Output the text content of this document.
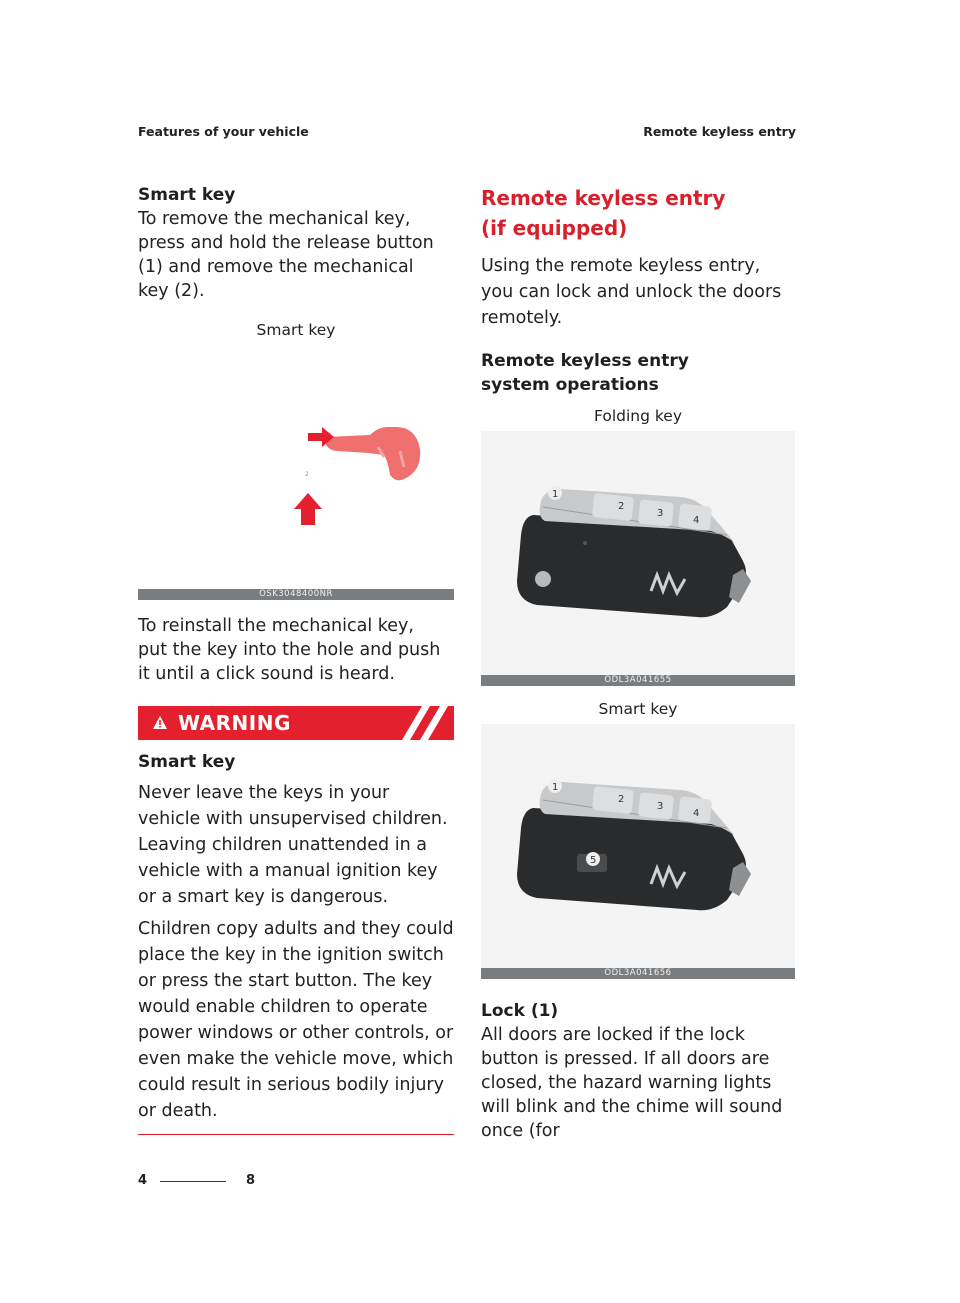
Features of your vehicle	Remote keyless entry

Smart key

To remove the mechanical key, press and hold the release button (1) and remove the mechanical key (2).

Smart key
2
OSK3048400NR

To reinstall the mechanical key, put the key into the hole and push it until a click sound is heard.

WARNING

Smart key

Never leave the keys in your vehicle with unsupervised children. Leaving children unattended in a vehicle with a manual ignition key or a smart key is dangerous.

Children copy adults and they could place the key in the ignition switch or press the start button. The key would enable children to operate power windows or other controls, or even make the vehicle move, which could result in serious bodily injury or death.

Remote keyless entry (if equipped)

Using the remote keyless entry, you can lock and unlock the doors remotely.

Remote keyless entry system operations

Folding key
1
2
3
4
ODL3A041655
Smart key
1
2
3
4
5
ODL3A041656

Lock (1)

All doors are locked if the lock button is pressed. If all doors are closed, the hazard warning lights will blink and the chime will sound once (for

4	8
